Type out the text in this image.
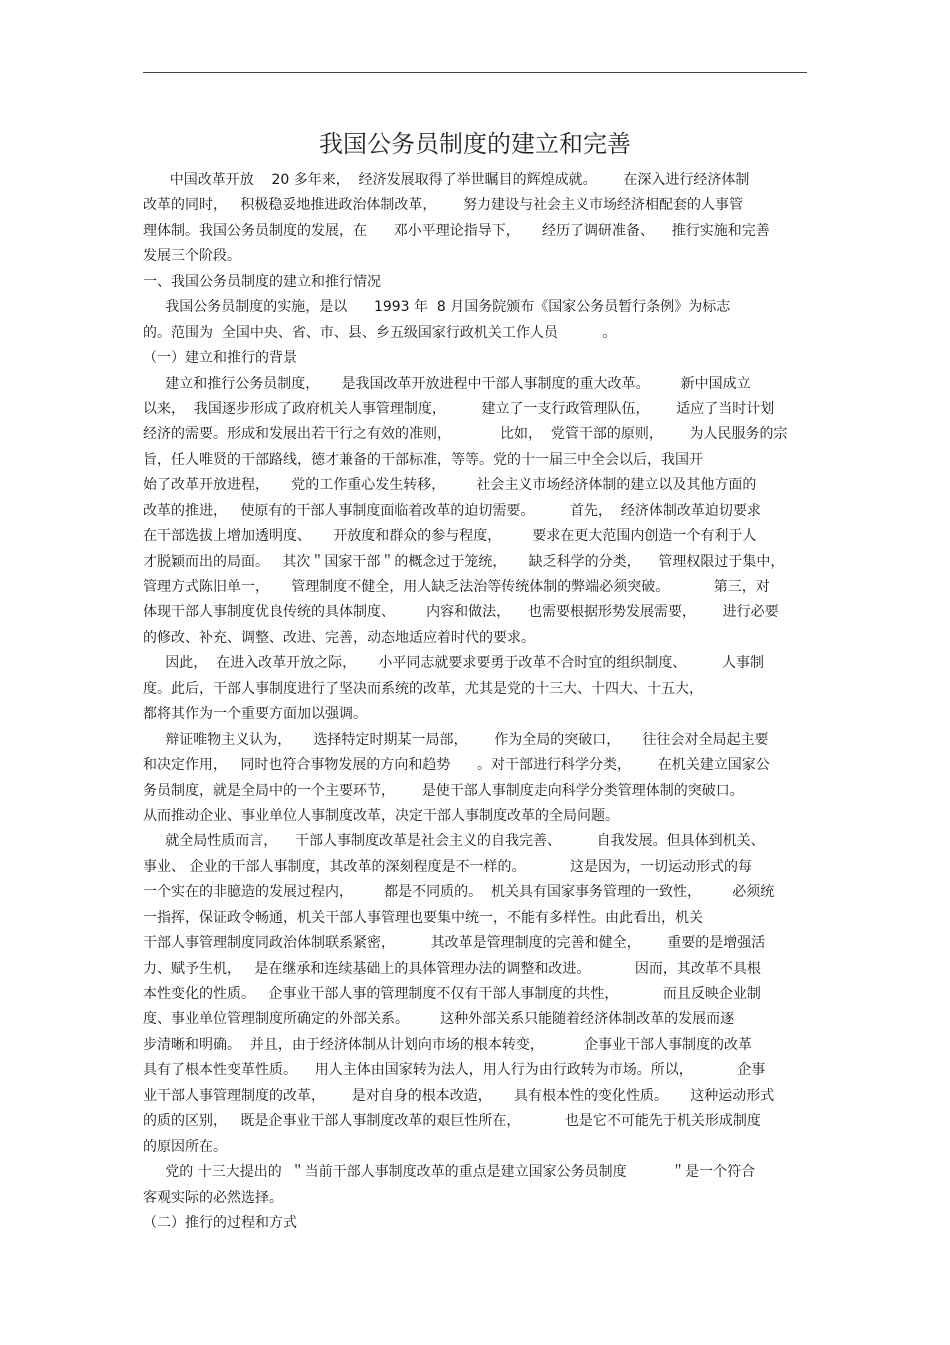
我国公务员制度的建立和完善
中国改革开放    20 多年来，  经济发展取得了举世瞩目的辉煌成就。      在深入进行经济体制
改革的同时，   积极稳妥地推进政治体制改革，      努力建设与社会主义市场经济相配套的人事管
理体制。我国公务员制度的发展，在      邓小平理论指导下，     经历了调研准备、    推行实施和完善
发展三个阶段。
一、我国公务员制度的建立和推行情况
我国公务员制度的实施，是以      1993 年  8 月国务院颁布《国家公务员暂行条例》为标志
的。范围为  全国中央、省、市、县、乡五级国家行政机关工作人员          。
（一）建立和推行的背景
建立和推行公务员制度，     是我国改革开放进程中干部人事制度的重大改革。       新中国成立
以来，  我国逐步形成了政府机关人事管理制度，        建立了一支行政管理队伍，      适应了当时计划
经济的需要。形成和发展出若干行之有效的准则，           比如，  党管干部的原则，      为人民服务的宗
旨，任人唯贤的干部路线，德才兼备的干部标准，等等。党的十一届三中全会以后，我国开
始了改革开放进程，     党的工作重心发生转移，       社会主义市场经济体制的建立以及其他方面的
改革的推进，   使原有的干部人事制度面临着改革的迫切需要。        首先，  经济体制改革迫切要求
在干部选拔上增加透明度、     开放度和群众的参与程度，       要求在更大范围内创造一个有利于人
才脱颖而出的局面。   其次＂国家干部＂的概念过于笼统，     缺乏科学的分类，    管理权限过于集中，
管理方式陈旧单一，     管理制度不健全，用人缺乏法治等传统体制的弊端必须突破。          第三，对
体现干部人事制度优良传统的具体制度、       内容和做法，    也需要根据形势发展需要，      进行必要
的修改、补充、调整、改进、完善，动态地适应着时代的要求。
因此，  在进入改革开放之际，     小平同志就要求要勇于改革不合时宜的组织制度、        人事制
度。此后，干部人事制度进行了坚决而系统的改革，尤其是党的十三大、十四大、十五大，
都将其作为一个重要方面加以强调。
辩证唯物主义认为，     选择特定时期某一局部，      作为全局的突破口，     往往会对全局起主要
和决定作用，   同时也符合事物发展的方向和趋势      。对干部进行科学分类，      在机关建立国家公
务员制度，就是全局中的一个主要环节，      是使干部人事制度走向科学分类管理体制的突破口。
从而推动企业、事业单位人事制度改革，决定干部人事制度改革的全局问题。
就全局性质而言，    干部人事制度改革是社会主义的自我完善、        自我发展。但具体到机关、
事业、 企业的干部人事制度，其改革的深刻程度是不一样的。          这是因为，一切运动形式的每
一个实在的非臆造的发展过程内，       都是不同质的。  机关具有国家事务管理的一致性，       必须统
一指挥，保证政令畅通，机关干部人事管理也要集中统一，不能有多样性。由此看出，机关
干部人事管理制度同政治体制联系紧密，        其改革是管理制度的完善和健全，      重要的是增强活
力、赋予生机，   是在继承和连续基础上的具体管理办法的调整和改进。          因而，其改革不具根
本性变化的性质。   企事业干部人事的管理制度不仅有干部人事制度的共性，          而且反映企业制
度、事业单位管理制度所确定的外部关系。       这种外部关系只能随着经济体制改革的发展而逐
步清晰和明确。  并且，由于经济体制从计划向市场的根本转变，         企事业干部人事制度的改革
具有了根本性变革性质。    用人主体由国家转为法人，用人行为由行政转为市场。所以，          企事
业干部人事管理制度的改革，      是对自身的根本改造，     具有根本性的变化性质。     这种运动形式
的质的区别，   既是企事业干部人事制度改革的艰巨性所在，          也是它不可能先于机关形成制度
的原因所在。
党的 十三大提出的  ＂当前干部人事制度改革的重点是建立国家公务员制度          ＂是一个符合
客观实际的必然选择。
（二）推行的过程和方式
